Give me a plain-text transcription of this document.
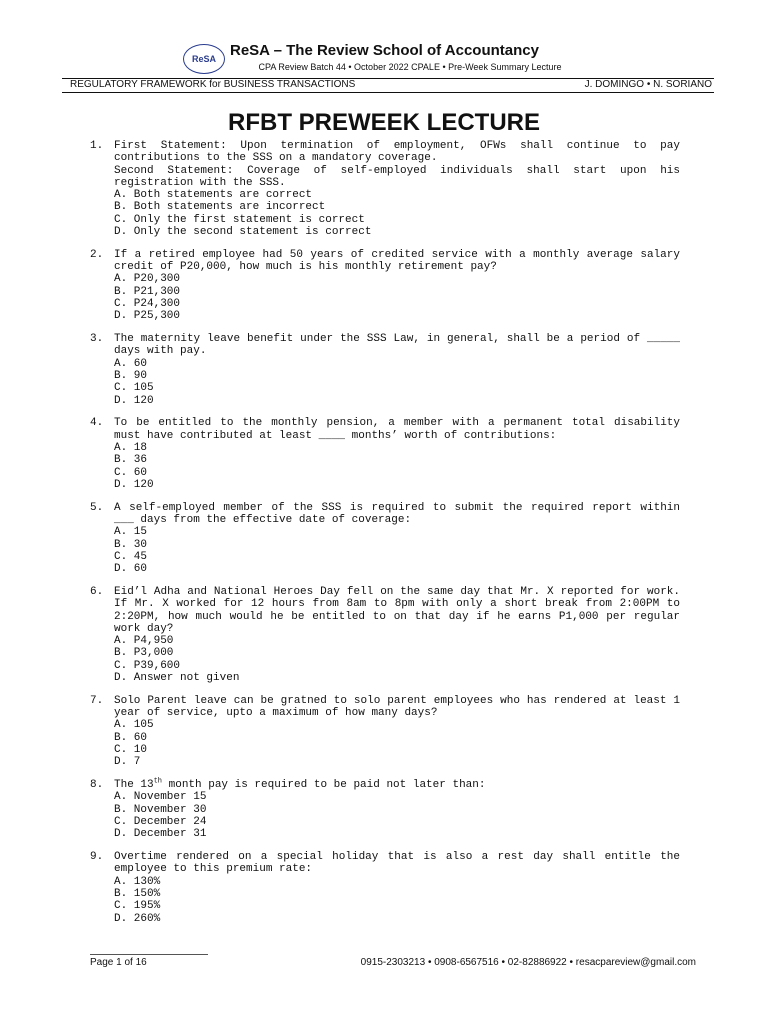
ReSA ReSA – The Review School of Accountancy
CPA Review Batch 44 • October 2022 CPALE • Pre-Week Summary Lecture
REGULATORY FRAMEWORK for BUSINESS TRANSACTIONS	J. DOMINGO • N. SORIANO
RFBT PREWEEK LECTURE
1. First Statement: Upon termination of employment, OFWs shall continue to pay contributions to the SSS on a mandatory coverage.
Second Statement: Coverage of self-employed individuals shall start upon his registration with the SSS.
A. Both statements are correct
B. Both statements are incorrect
C. Only the first statement is correct
D. Only the second statement is correct
2. If a retired employee had 50 years of credited service with a monthly average salary credit of P20,000, how much is his monthly retirement pay?
A. P20,300
B. P21,300
C. P24,300
D. P25,300
3. The maternity leave benefit under the SSS Law, in general, shall be a period of _____ days with pay.
A. 60
B. 90
C. 105
D. 120
4. To be entitled to the monthly pension, a member with a permanent total disability must have contributed at least ____ months’ worth of contributions:
A. 18
B. 36
C. 60
D. 120
5. A self-employed member of the SSS is required to submit the required report within ___ days from the effective date of coverage:
A. 15
B. 30
C. 45
D. 60
6. Eid’l Adha and National Heroes Day fell on the same day that Mr. X reported for work. If Mr. X worked for 12 hours from 8am to 8pm with only a short break from 2:00PM to 2:20PM, how much would he be entitled to on that day if he earns P1,000 per regular work day?
A. P4,950
B. P3,000
C. P39,600
D. Answer not given
7. Solo Parent leave can be gratned to solo parent employees who has rendered at least 1 year of service, upto a maximum of how many days?
A. 105
B. 60
C. 10
D. 7
8. The 13th month pay is required to be paid not later than:
A. November 15
B. November 30
C. December 24
D. December 31
9. Overtime rendered on a special holiday that is also a rest day shall entitle the employee to this premium rate:
A. 130%
B. 150%
C. 195%
D. 260%
Page 1 of 16	0915-2303213 • 0908-6567516 • 02-82886922 • resacpareview@gmail.com
